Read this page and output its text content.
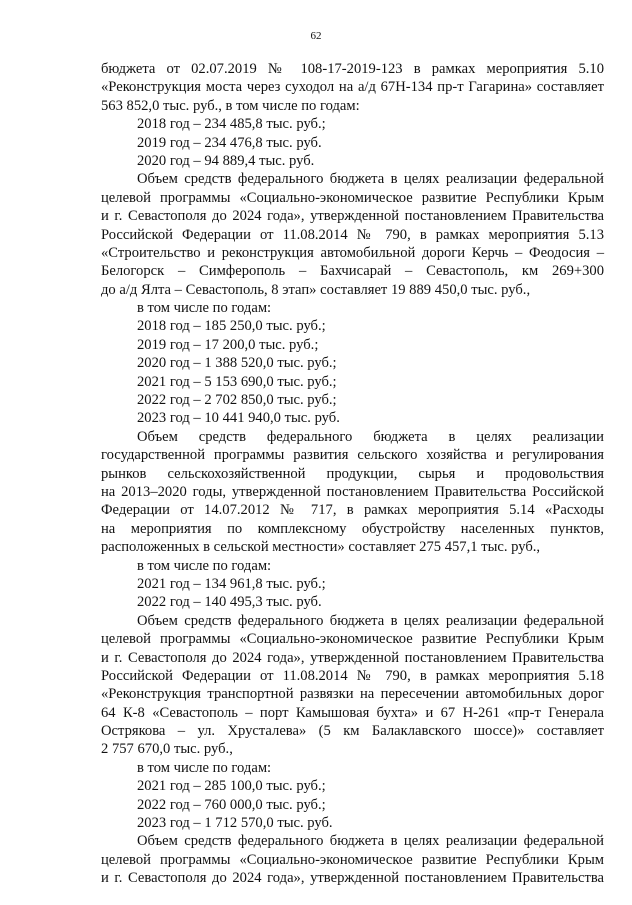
62
бюджета от 02.07.2019 № 108-17-2019-123 в рамках мероприятия 5.10
«Реконструкция моста через суходол на а/д 67Н-134 пр-т Гагарина» составляет
563 852,0 тыс. руб., в том числе по годам:
2018 год – 234 485,8 тыс. руб.;
2019 год – 234 476,8 тыс. руб.
2020 год – 94 889,4 тыс. руб.
Объем средств федерального бюджета в целях реализации федеральной
целевой программы «Социально-экономическое развитие Республики Крым
и г. Севастополя до 2024 года», утвержденной постановлением Правительства
Российской Федерации от 11.08.2014 № 790, в рамках мероприятия 5.13
«Строительство и реконструкция автомобильной дороги Керчь – Феодосия –
Белогорск – Симферополь – Бахчисарай – Севастополь, км 269+300
до а/д Ялта – Севастополь, 8 этап» составляет 19 889 450,0 тыс. руб.,
в том числе по годам:
2018 год – 185 250,0 тыс. руб.;
2019 год – 17 200,0 тыс. руб.;
2020 год – 1 388 520,0 тыс. руб.;
2021 год – 5 153 690,0 тыс. руб.;
2022 год – 2 702 850,0 тыс. руб.;
2023 год – 10 441 940,0 тыс. руб.
Объем средств федерального бюджета в целях реализации
государственной программы развития сельского хозяйства и регулирования
рынков сельскохозяйственной продукции, сырья и продовольствия
на 2013–2020 годы, утвержденной постановлением Правительства Российской
Федерации от 14.07.2012 № 717, в рамках мероприятия 5.14 «Расходы
на мероприятия по комплексному обустройству населенных пунктов,
расположенных в сельской местности» составляет 275 457,1 тыс. руб.,
в том числе по годам:
2021 год – 134 961,8 тыс. руб.;
2022 год – 140 495,3 тыс. руб.
Объем средств федерального бюджета в целях реализации федеральной
целевой программы «Социально-экономическое развитие Республики Крым
и г. Севастополя до 2024 года», утвержденной постановлением Правительства
Российской Федерации от 11.08.2014 № 790, в рамках мероприятия 5.18
«Реконструкция транспортной развязки на пересечении автомобильных дорог
64 К-8 «Севастополь – порт Камышовая бухта» и 67 Н-261 «пр-т Генерала
Острякова – ул. Хрусталева» (5 км Балаклавского шоссе)» составляет
2 757 670,0 тыс. руб.,
в том числе по годам:
2021 год – 285 100,0 тыс. руб.;
2022 год – 760 000,0 тыс. руб.;
2023 год – 1 712 570,0 тыс. руб.
Объем средств федерального бюджета в целях реализации федеральной
целевой программы «Социально-экономическое развитие Республики Крым
и г. Севастополя до 2024 года», утвержденной постановлением Правительства
